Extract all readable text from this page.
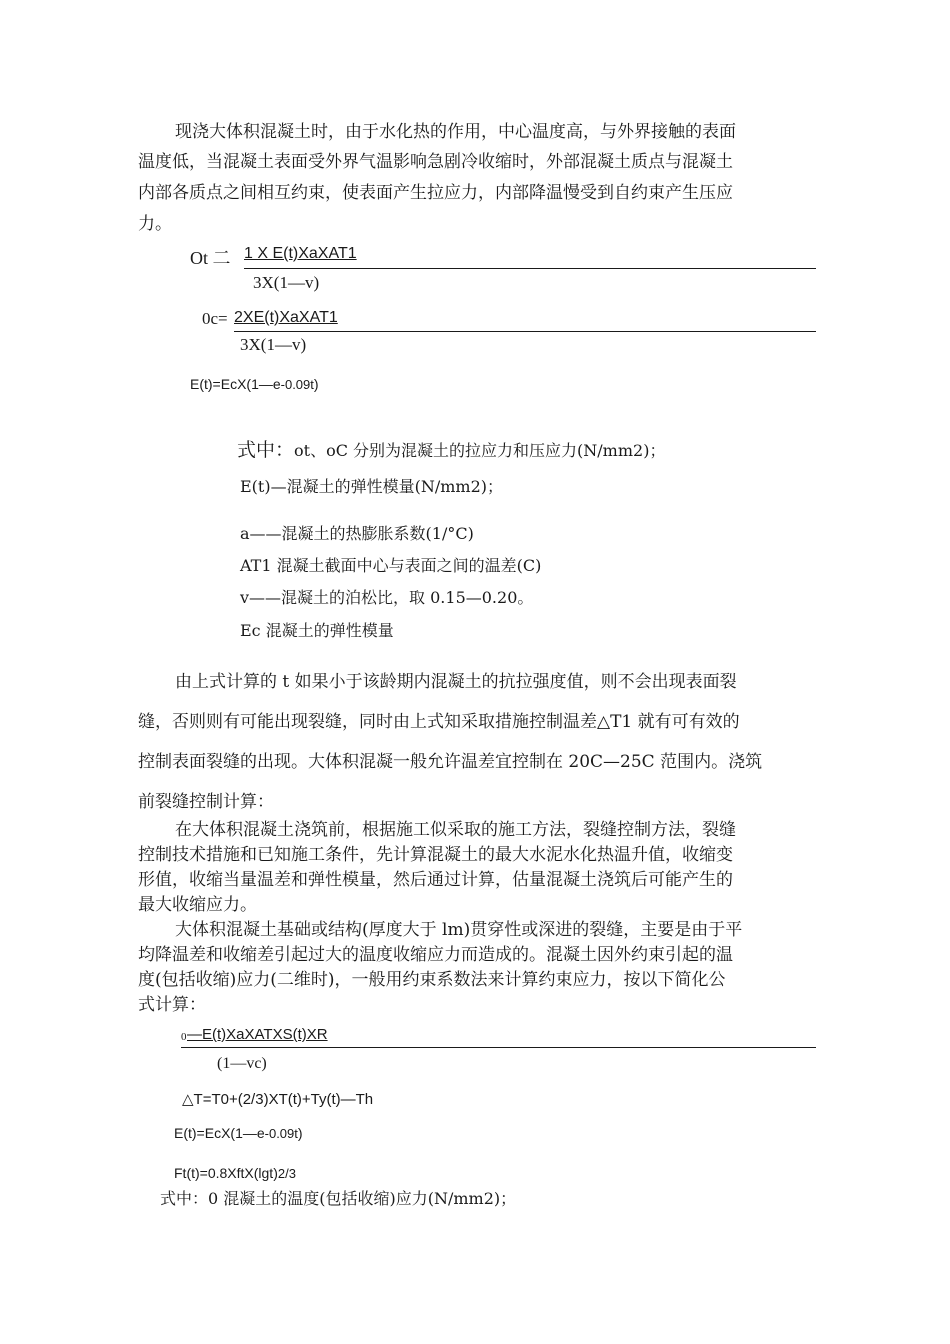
现浇大体积混凝土时，由于水化热的作用，中心温度高，与外界接触的表面
温度低，当混凝土表面受外界气温影响急剧冷收缩时，外部混凝土质点与混凝土
内部各质点之间相互约束，使表面产生拉应力，内部降温慢受到自约束产生压应
力。
Ot 二 1 X E(t)XaXAT1
3X(1—v)
0c= 2XE(t)XaXAT1
3X(1—v)
E(t)=EcX(1—e-0.09t)
式中：ot、oC 分别为混凝土的拉应力和压应力(N/mm2)；
E(t)—混凝土的弹性模量(N/mm2)；
a——混凝土的热膨胀系数(1/°C)
AT1 混凝土截面中心与表面之间的温差(C)
v——混凝土的泊松比，取 0.15—0.20。
Ec 混凝土的弹性模量
由上式计算的 t 如果小于该龄期内混凝土的抗拉强度值，则不会出现表面裂
缝，否则则有可能出现裂缝，同时由上式知采取措施控制温差△T1 就有可有效的
控制表面裂缝的出现。大体积混凝一般允许温差宜控制在 20C—25C 范围内。浇筑
前裂缝控制计算：
在大体积混凝土浇筑前，根据施工似采取的施工方法，裂缝控制方法，裂缝
控制技术措施和已知施工条件，先计算混凝土的最大水泥水化热温升值，收缩变
形值，收缩当量温差和弹性模量，然后通过计算，估量混凝土浇筑后可能产生的
最大收缩应力。
大体积混凝土基础或结构(厚度大于 lm)贯穿性或深进的裂缝，主要是由于平
均降温差和收缩差引起过大的温度收缩应力而造成的。混凝土因外约束引起的温
度(包括收缩)应力(二维时)，一般用约束系数法来计算约束应力，按以下简化公
式计算：
0 —E(t)XaXATXS(t)XR
(1—vc)
△T=T0+(2/3)XT(t)+Ty(t)—Th
E(t)=EcX(1—e-0.09t)
Ft(t)=0.8XftX(lgt)2/3
式中：0 混凝土的温度(包括收缩)应力(N/mm2)；
